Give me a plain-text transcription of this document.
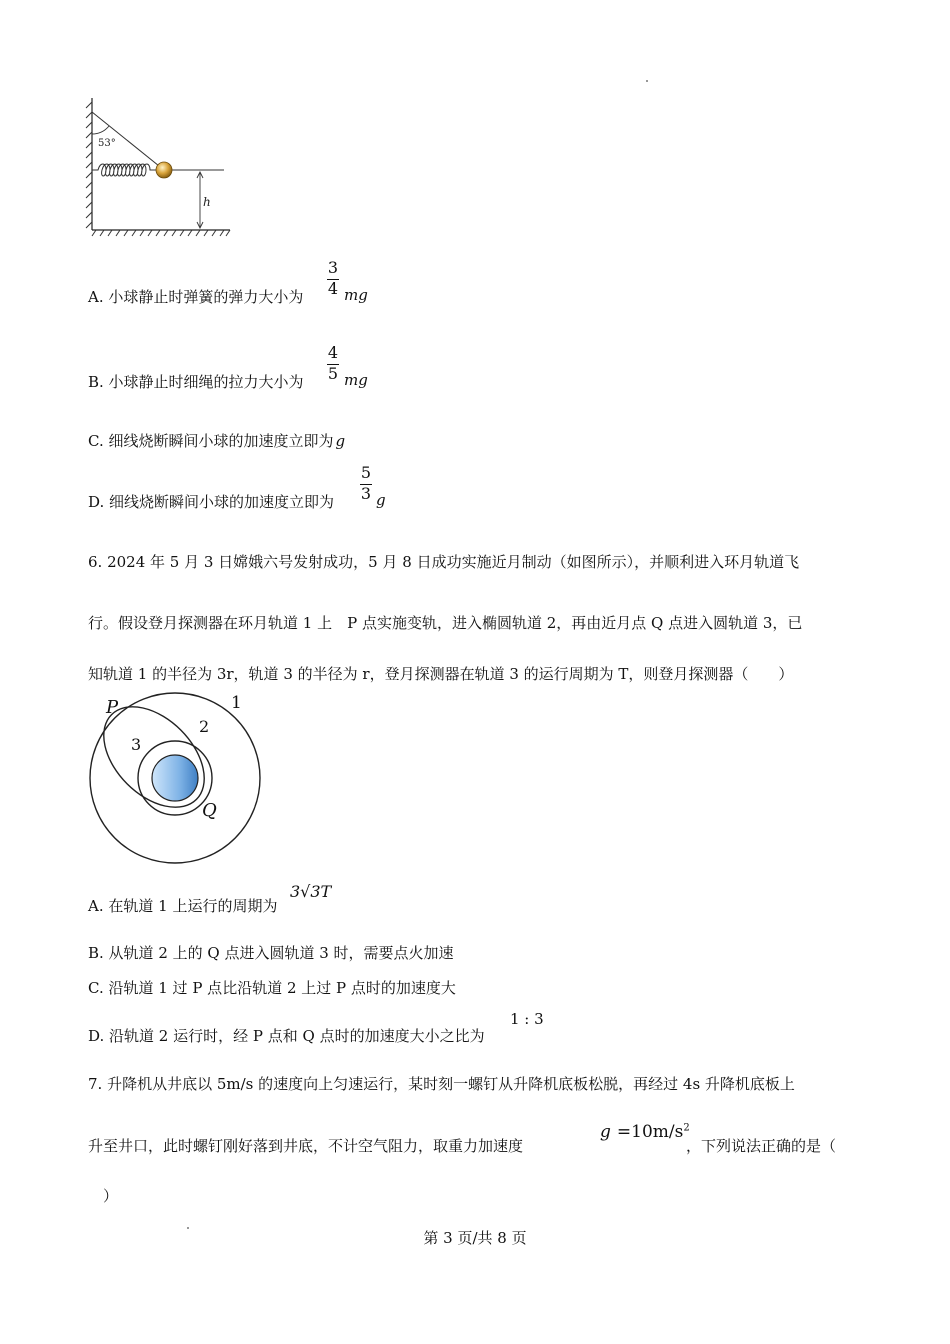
53°
h
A. 小球静止时弹簧的弹力大小为
3
4 mg
B. 小球静止时细绳的拉力大小为
4
5 mg
C. 细线烧断瞬间小球的加速度立即为 g
D. 细线烧断瞬间小球的加速度立即为
5
3 g
6. 2024 年 5 月 3 日嫦娥六号发射成功，5 月 8 日成功实施近月制动（如图所示），并顺利进入环月轨道飞
行。假设登月探测器在环月轨道 1 上　P 点实施变轨，进入椭圆轨道 2，再由近月点 Q 点进入圆轨道 3，已
知轨道 1 的半径为 3r，轨道 3 的半径为 r，登月探测器在轨道 3 的运行周期为 T，则登月探测器（　　）
P	1
2
3
Q
A. 在轨道 1 上运行的周期为
3√3T
B. 从轨道 2 上的 Q 点进入圆轨道 3 时，需要点火加速
C. 沿轨道 1 过 P 点比沿轨道 2 上过 P 点时的加速度大
D. 沿轨道 2 运行时，经 P 点和 Q 点时的加速度大小之比为
1 : 3
7. 升降机从井底以 5m/s 的速度向上匀速运行，某时刻一螺钉从升降机底板松脱，再经过 4s 升降机底板上
升至井口，此时螺钉刚好落到井底，不计空气阻力，取重力加速度
$g =10m/s^2$
，下列说法正确的是（
　）
第 3 页/共 8 页
